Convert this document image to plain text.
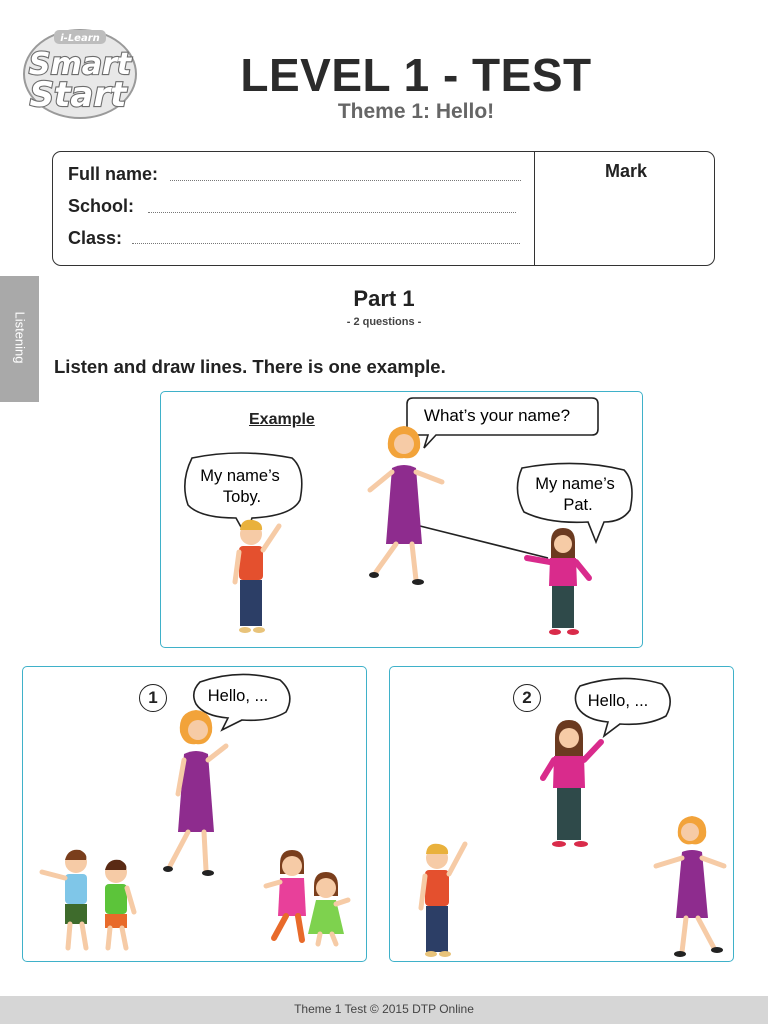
i-Learn
Smart
Start	LEVEL 1 - TEST
Theme 1: Hello!
Mark
Full name:
School:
Class:
Listening
Part 1
- 2 questions -
Listen and draw lines. There is one example.
Example	What’s your name?
My name’s
Toby.
My name’s
Pat.
1	Hello, ...	2	Hello, ...
Theme 1 Test © 2015 DTP Online
